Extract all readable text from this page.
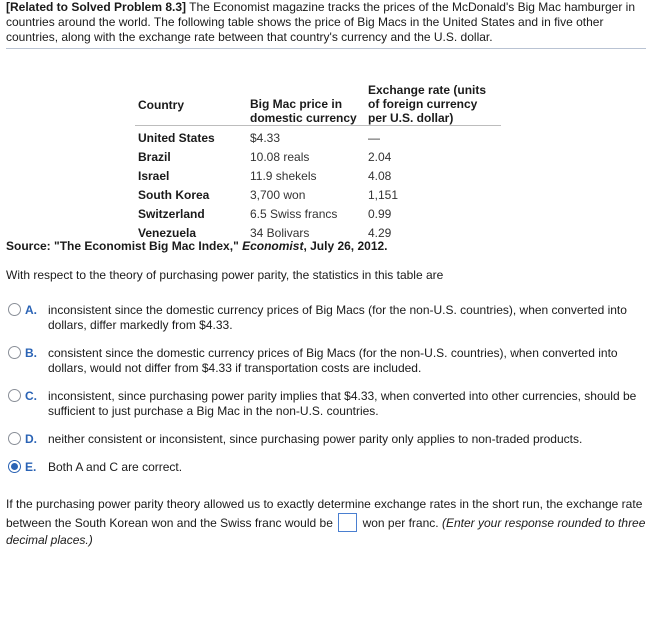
[Related to Solved Problem 8.3] The Economist magazine tracks the prices of the McDonald's Big Mac hamburger in countries around the world. The following table shows the price of Big Macs in the United States and in five other countries, along with the exchange rate between that country's currency and the U.S. dollar.
Country	Big Mac price in domestic currency	Exchange rate (units of foreign currency per U.S. dollar)
United States	$4.33	—
Brazil	10.08 reals	2.04
Israel	11.9 shekels	4.08
South Korea	3,700 won	1,151
Switzerland	6.5 Swiss francs	0.99
Venezuela	34 Bolivars	4.29
Source: "The Economist Big Mac Index," Economist, July 26, 2012.
With respect to the theory of purchasing power parity, the statistics in this table are
A. inconsistent since the domestic currency prices of Big Macs (for the non-U.S. countries), when converted into dollars, differ markedly from $4.33.
B. consistent since the domestic currency prices of Big Macs (for the non-U.S. countries), when converted into dollars, would not differ from $4.33 if transportation costs are included.
C. inconsistent, since purchasing power parity implies that $4.33, when converted into other currencies, should be sufficient to just purchase a Big Mac in the non-U.S. countries.
D. neither consistent or inconsistent, since purchasing power parity only applies to non-traded products.
E. Both A and C are correct.
If the purchasing power parity theory allowed us to exactly determine exchange rates in the short run, the exchange rate between the South Korean won and the Swiss franc would be  won per franc. (Enter your response rounded to three decimal places.)
